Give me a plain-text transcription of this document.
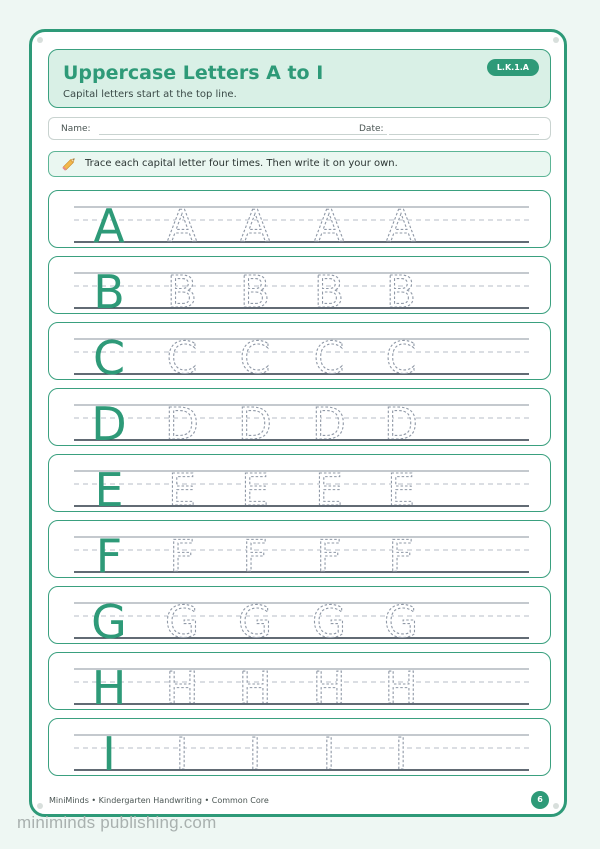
Uppercase Letters A to I
Capital letters start at the top line.
L.K.1.A
Name:	Date:
Trace each capital letter four times. Then write it on your own.
A A A A A
B B B B B
C C C C C
D D D D D
E E E E E
F F F F F
G G G G G
H H H H H
I I I I I
MiniMinds • Kindergarten Handwriting • Common Core	6
miniminds publishing.com
